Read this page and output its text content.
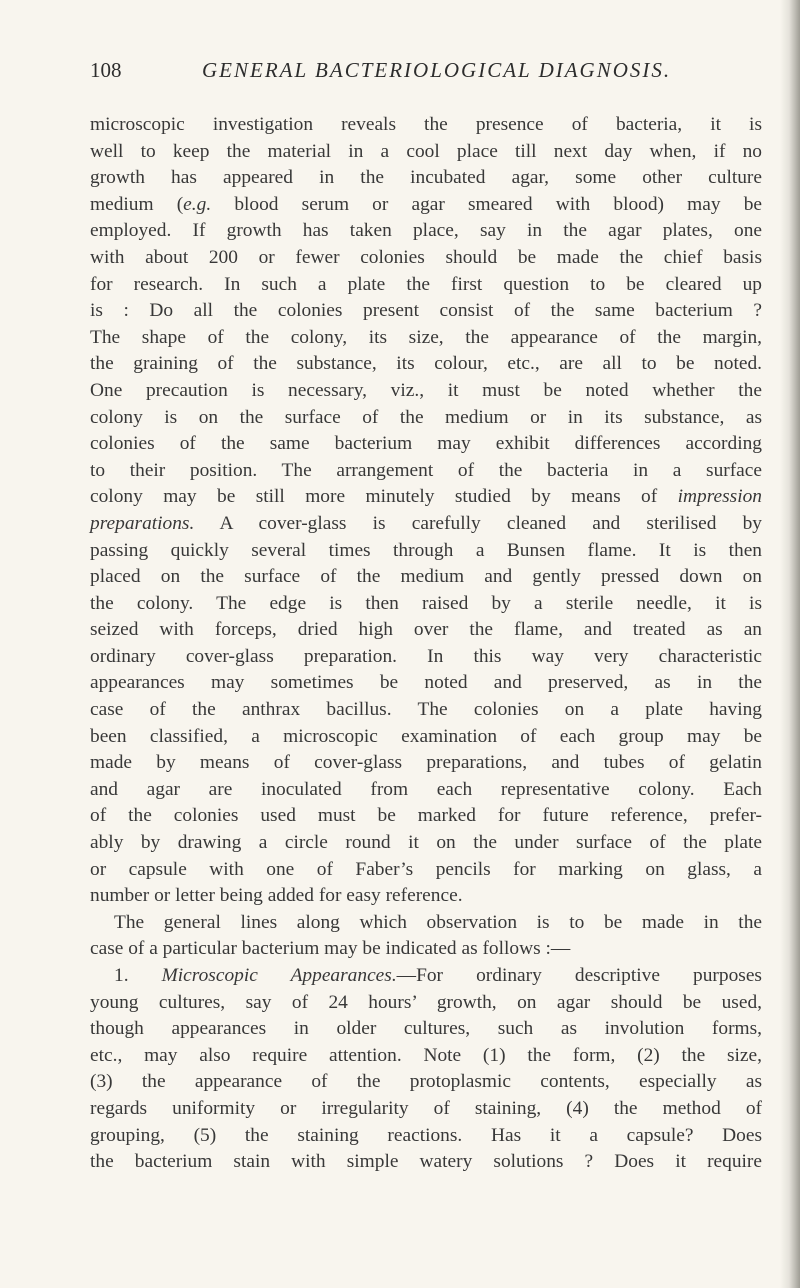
108	GENERAL BACTERIOLOGICAL DIAGNOSIS.
microscopic investigation reveals the presence of bacteria, it is
well to keep the material in a cool place till next day when, if no
growth has appeared in the incubated agar, some other culture
medium (e.g. blood serum or agar smeared with blood) may be
employed. If growth has taken place, say in the agar plates, one
with about 200 or fewer colonies should be made the chief basis
for research. In such a plate the first question to be cleared up
is : Do all the colonies present consist of the same bacterium ?
The shape of the colony, its size, the appearance of the margin,
the graining of the substance, its colour, etc., are all to be noted.
One precaution is necessary, viz., it must be noted whether the
colony is on the surface of the medium or in its substance, as
colonies of the same bacterium may exhibit differences according
to their position. The arrangement of the bacteria in a surface
colony may be still more minutely studied by means of impression
preparations. A cover-glass is carefully cleaned and sterilised by
passing quickly several times through a Bunsen flame. It is then
placed on the surface of the medium and gently pressed down on
the colony. The edge is then raised by a sterile needle, it is
seized with forceps, dried high over the flame, and treated as an
ordinary cover-glass preparation. In this way very characteristic
appearances may sometimes be noted and preserved, as in the
case of the anthrax bacillus. The colonies on a plate having
been classified, a microscopic examination of each group may be
made by means of cover-glass preparations, and tubes of gelatin
and agar are inoculated from each representative colony. Each
of the colonies used must be marked for future reference, prefer-
ably by drawing a circle round it on the under surface of the plate
or capsule with one of Faber’s pencils for marking on glass, a
number or letter being added for easy reference.
The general lines along which observation is to be made in the
case of a particular bacterium may be indicated as follows :—
1. Microscopic Appearances.—For ordinary descriptive purposes
young cultures, say of 24 hours’ growth, on agar should be used,
though appearances in older cultures, such as involution forms,
etc., may also require attention. Note (1) the form, (2) the size,
(3) the appearance of the protoplasmic contents, especially as
regards uniformity or irregularity of staining, (4) the method of
grouping, (5) the staining reactions. Has it a capsule? Does
the bacterium stain with simple watery solutions ? Does it require
